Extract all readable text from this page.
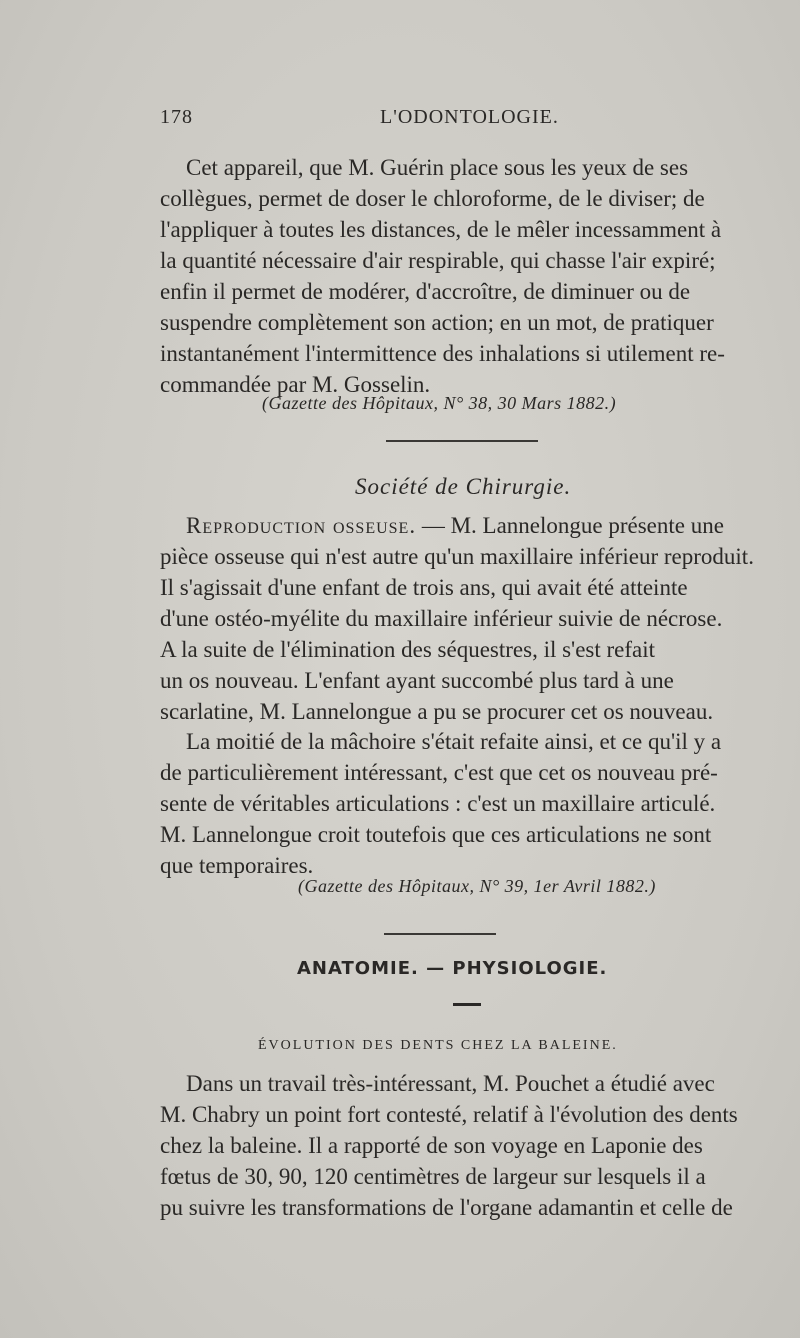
178	L'ODONTOLOGIE.
Cet appareil, que M. Guérin place sous les yeux de ses
collègues, permet de doser le chloroforme, de le diviser; de
l'appliquer à toutes les distances, de le mêler incessamment à
la quantité nécessaire d'air respirable, qui chasse l'air expiré;
enfin il permet de modérer, d'accroître, de diminuer ou de
suspendre complètement son action; en un mot, de pratiquer
instantanément l'intermittence des inhalations si utilement re-
commandée par M. Gosselin.
(Gazette des Hôpitaux, N° 38, 30 Mars 1882.)
Société de Chirurgie.
Reproduction osseuse. — M. Lannelongue présente une
pièce osseuse qui n'est autre qu'un maxillaire inférieur reproduit.
Il s'agissait d'une enfant de trois ans, qui avait été atteinte
d'une ostéo-myélite du maxillaire inférieur suivie de nécrose.
A la suite de l'élimination des séquestres, il s'est refait
un os nouveau. L'enfant ayant succombé plus tard à une
scarlatine, M. Lannelongue a pu se procurer cet os nouveau.
La moitié de la mâchoire s'était refaite ainsi, et ce qu'il y a
de particulièrement intéressant, c'est que cet os nouveau pré-
sente de véritables articulations : c'est un maxillaire articulé.
M. Lannelongue croit toutefois que ces articulations ne sont
que temporaires.
(Gazette des Hôpitaux, N° 39, 1er Avril 1882.)
ANATOMIE. — PHYSIOLOGIE.
ÉVOLUTION DES DENTS CHEZ LA BALEINE.
Dans un travail très-intéressant, M. Pouchet a étudié avec
M. Chabry un point fort contesté, relatif à l'évolution des dents
chez la baleine. Il a rapporté de son voyage en Laponie des
fœtus de 30, 90, 120 centimètres de largeur sur lesquels il a
pu suivre les transformations de l'organe adamantin et celle de
